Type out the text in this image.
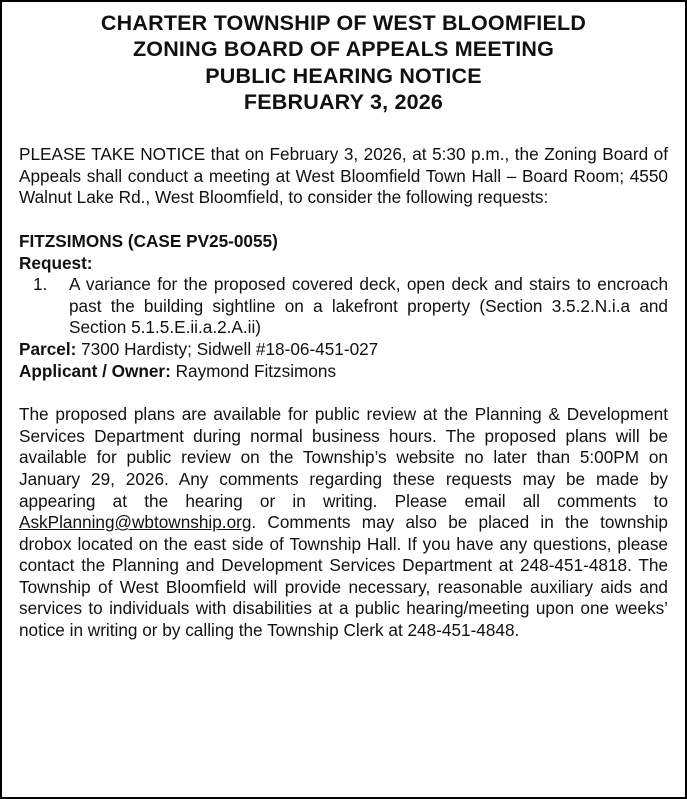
CHARTER TOWNSHIP OF WEST BLOOMFIELD

ZONING BOARD OF APPEALS MEETING

PUBLIC HEARING NOTICE

FEBRUARY 3, 2026

PLEASE TAKE NOTICE that on February 3, 2026, at 5:30 p.m., the Zoning Board of Appeals shall conduct a meeting at West Bloomfield Town Hall – Board Room; 4550 Walnut Lake Rd., West Bloomfield, to consider the following requests:

FITZSIMONS (CASE PV25-0055)
Request:
1.	A variance for the proposed covered deck, open deck and stairs to encroach past the building sightline on a lakefront property (Section 3.5.2.N.i.a and Section 5.1.5.E.ii.a.2.A.ii)
Parcel: 7300 Hardisty; Sidwell #18-06-451-027
Applicant / Owner: Raymond Fitzsimons

The proposed plans are available for public review at the Planning & Development Services Department during normal business hours. The proposed plans will be available for public review on the Township’s website no later than 5:00PM on January 29, 2026. Any comments regarding these requests may be made by appearing at the hearing or in writing. Please email all comments to AskPlanning@wbtownship.org. Comments may also be placed in the township drobox located on the east side of Township Hall. If you have any questions, please contact the Planning and Development Services Department at 248-451-4818. The Township of West Bloomfield will provide necessary, reasonable auxiliary aids and services to individuals with disabilities at a public hearing/meeting upon one weeks’ notice in writing or by calling the Township Clerk at 248-451-4848.
